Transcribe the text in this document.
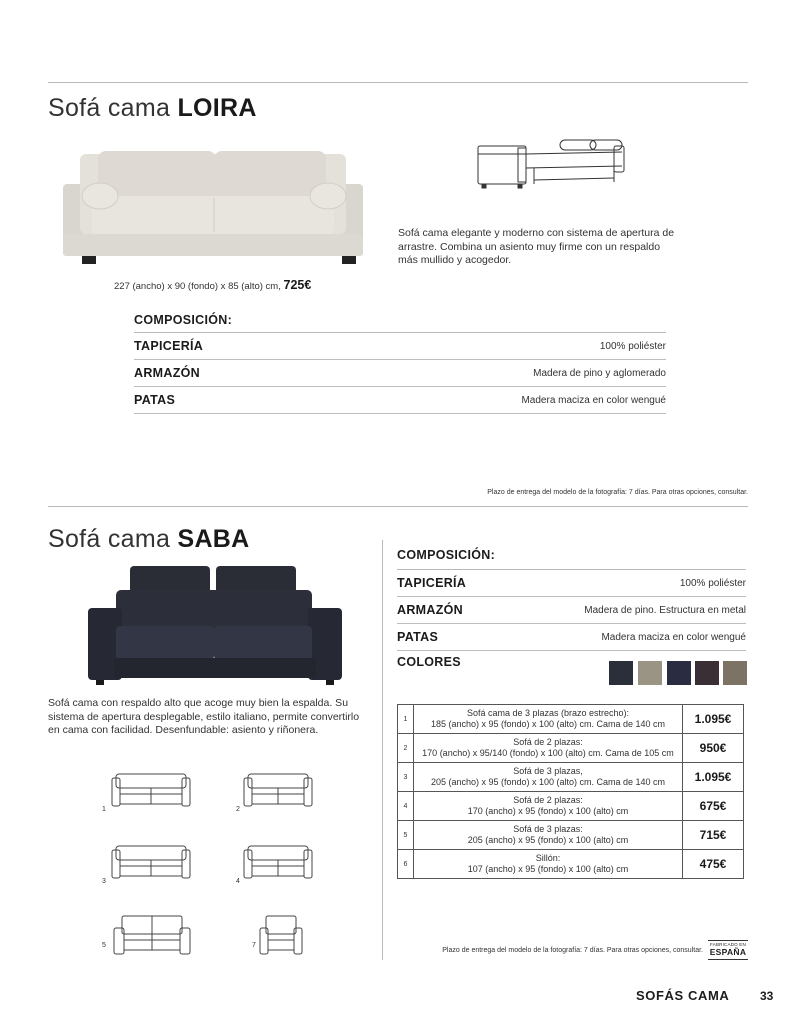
Sofá cama LOIRA
227 (ancho) x 90 (fondo) x 85 (alto) cm, 725€
Sofá cama elegante y moderno con sistema de apertura de arrastre. Combina un asiento muy firme con un respaldo más mullido y acogedor.
COMPOSICIÓN:
TAPICERÍA	100% poliéster
ARMAZÓN	Madera de pino y aglomerado
PATAS	Madera maciza en color wengué
Plazo de entrega del modelo de la fotografía: 7 días. Para otras opciones, consultar.
Sofá cama SABA
Sofá cama con respaldo alto que acoge muy bien la espalda. Su sistema de apertura desplegable, estilo italiano, permite convertirlo en cama con facilidad. Desenfundable: asiento y riñonera.
1	2
3	4
5	7
COMPOSICIÓN:
TAPICERÍA	100% poliéster
ARMAZÓN	Madera de pino. Estructura en metal
PATAS	Madera maciza en color wengué
COLORES
1	Sofá cama de 3 plazas (brazo estrecho):
185 (ancho) x 95 (fondo) x 100 (alto) cm. Cama de 140 cm	1.095€
2	Sofá de 2 plazas:
170 (ancho) x 95/140 (fondo) x 100 (alto) cm. Cama de 105 cm	950€
3	Sofá de 3 plazas,
205 (ancho) x 95 (fondo) x 100 (alto) cm. Cama de 140 cm	1.095€
4	Sofá de 2 plazas:
170 (ancho) x 95 (fondo) x 100 (alto) cm	675€
5	Sofá de 3 plazas:
205 (ancho) x 95 (fondo) x 100 (alto) cm	715€
6	Sillón:
107 (ancho) x 95 (fondo) x 100 (alto) cm	475€
Plazo de entrega del modelo de la fotografía: 7 días. Para otras opciones, consultar.
FABRICADO EN
ESPAÑA
SOFÁS CAMA	33
